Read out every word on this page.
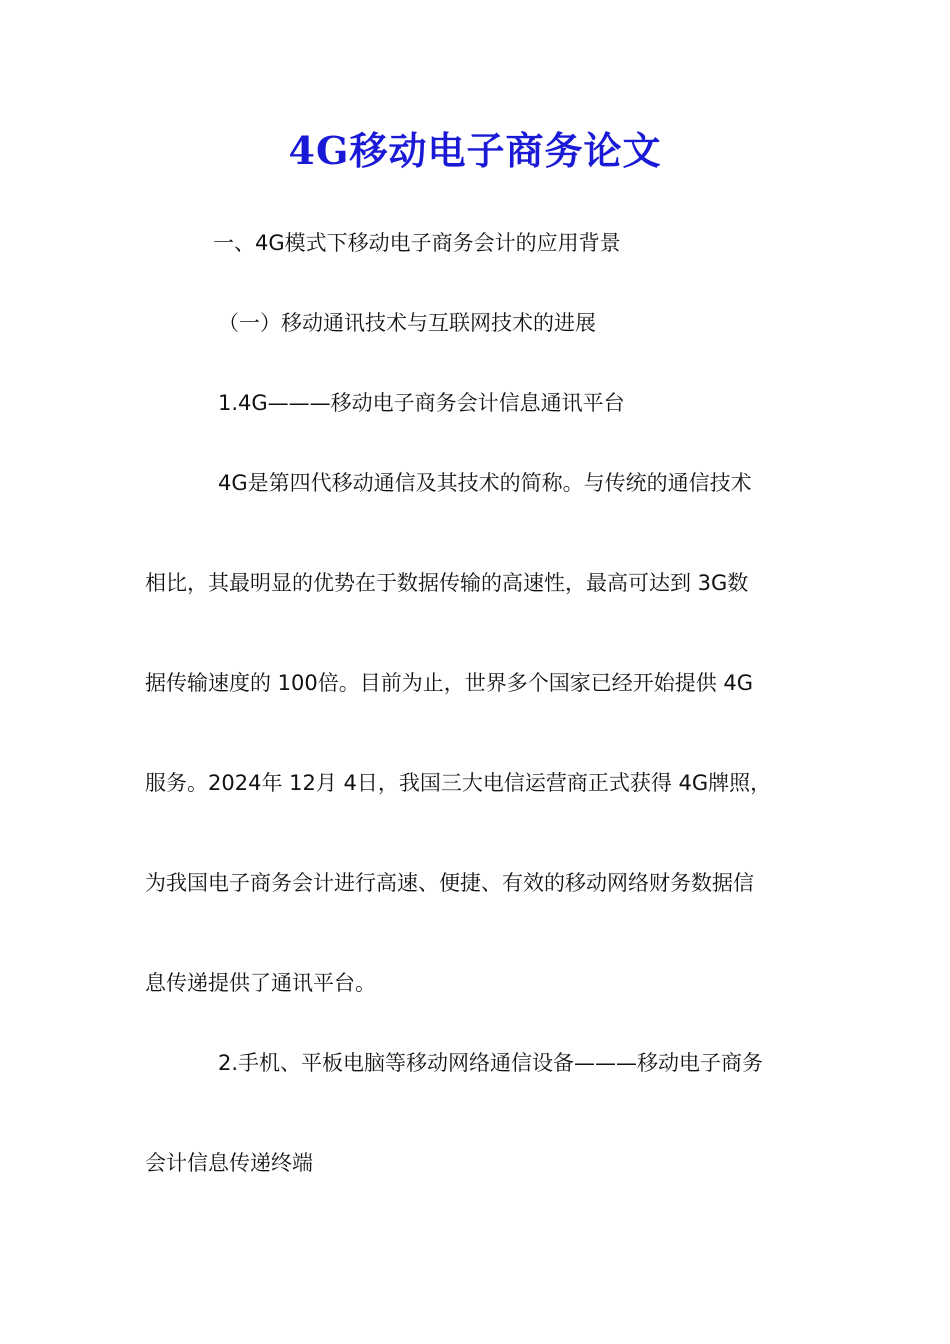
4G移动电子商务论文

一、4G模式下移动电子商务会计的应用背景

（一）移动通讯技术与互联网技术的进展

1.4G———移动电子商务会计信息通讯平台

4G是第四代移动通信及其技术的简称。与传统的通信技术

相比，其最明显的优势在于数据传输的高速性，最高可达到 3G数

据传输速度的 100倍。目前为止，世界多个国家已经开始提供 4G

服务。2024年 12月 4日，我国三大电信运营商正式获得 4G牌照，

为我国电子商务会计进行高速、便捷、有效的移动网络财务数据信

息传递提供了通讯平台。

2.手机、平板电脑等移动网络通信设备———移动电子商务

会计信息传递终端
